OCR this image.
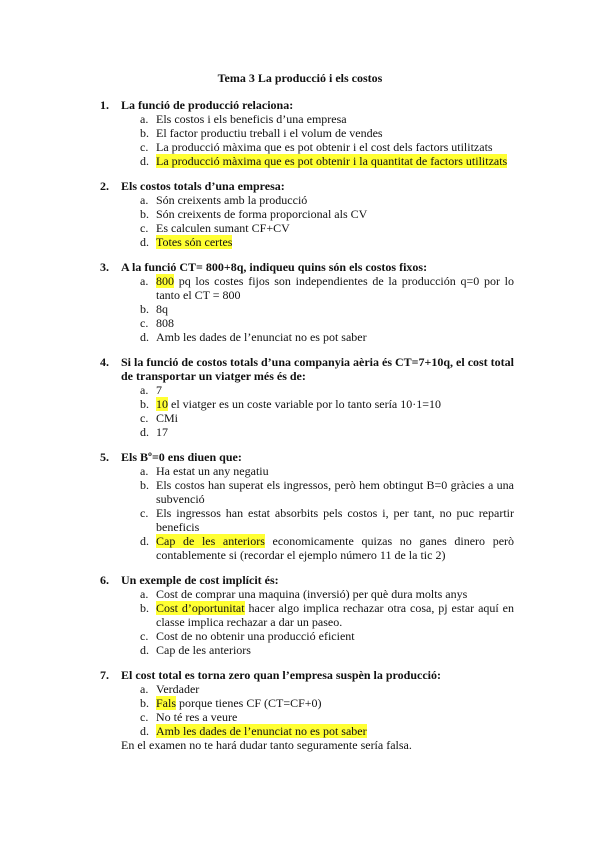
Tema 3 La producció i els costos
1.	La funció de producció relaciona:
a. Els costos i els beneficis d’una empresa
b. El factor productiu treball i el volum de vendes
c. La producció màxima que es pot obtenir i el cost dels factors utilitzats
d. La producció màxima que es pot obtenir i la quantitat de factors utilitzats
2.	Els costos totals d’una empresa:
a. Són creixents amb la producció
b. Són creixents de forma proporcional als CV
c. Es calculen sumant CF+CV
d. Totes són certes
3.	A la funció CT= 800+8q, indiqueu quins són els costos fixos:
a. 800 pq los costes fijos son independientes de la producción q=0 por lo tanto el CT = 800
b. 8q
c. 808
d. Amb les dades de l’enunciat no es pot saber
4.	Si la funció de costos totals d’una companyia aèria és CT=7+10q, el cost total de transportar un viatger més és de:
a. 7
b. 10 el viatger es un coste variable por lo tanto sería 10·1=10
c. CMi
d. 17
5.	Els Bº=0 ens diuen que:
a. Ha estat un any negatiu
b. Els costos han superat els ingressos, però hem obtingut B=0 gràcies a una subvenció
c. Els ingressos han estat absorbits pels costos i, per tant, no puc repartir beneficis
d. Cap de les anteriors economicamente quizas no ganes dinero però contablemente si (recordar el ejemplo número 11 de la tic 2)
6.	Un exemple de cost implícit és:
a. Cost de comprar una maquina (inversió) per què dura molts anys
b. Cost d’oportunitat hacer algo implica rechazar otra cosa, pj estar aquí en classe implica rechazar a dar un paseo.
c. Cost de no obtenir una producció eficient
d. Cap de les anteriors
7.	El cost total es torna zero quan l’empresa suspèn la producció:
a. Verdader
b. Fals porque tienes CF (CT=CF+0)
c. No té res a veure
d. Amb les dades de l’enunciat no es pot saber
En el examen no te hará dudar tanto seguramente sería falsa.
